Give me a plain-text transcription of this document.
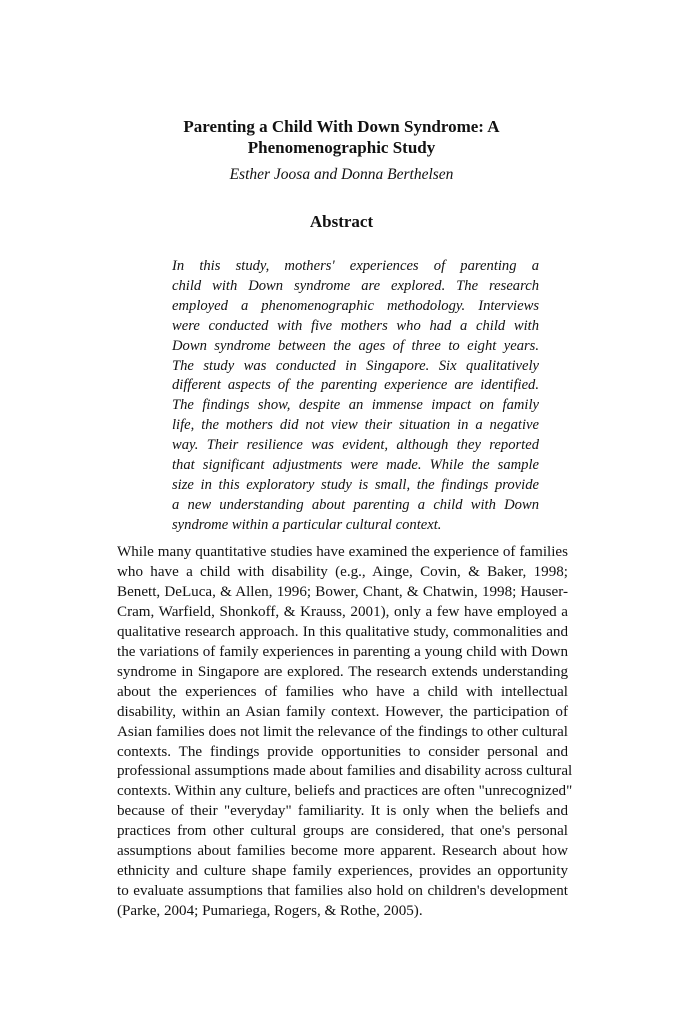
Parenting a Child With Down Syndrome: A
Phenomenographic Study

Esther Joosa and Donna Berthelsen

Abstract
In this study, mothers' experiences of parenting a
child with Down syndrome are explored. The research
employed a phenomenographic methodology. Interviews
were conducted with five mothers who had a child with
Down syndrome between the ages of three to eight years.
The study was conducted in Singapore. Six qualitatively
different aspects of the parenting experience are identified.
The findings show, despite an immense impact on family
life, the mothers did not view their situation in a negative
way. Their resilience was evident, although they reported
that significant adjustments were made. While the sample
size in this exploratory study is small, the findings provide
a new understanding about parenting a child with Down
syndrome within a particular cultural context.
While many quantitative studies have examined the experience of families
who have a child with disability (e.g., Ainge, Covin, & Baker, 1998;
Benett, DeLuca, & Allen, 1996; Bower, Chant, & Chatwin, 1998; Hauser-
Cram, Warfield, Shonkoff, & Krauss, 2001), only a few have employed a
qualitative research approach. In this qualitative study, commonalities and
the variations of family experiences in parenting a young child with Down
syndrome in Singapore are explored. The research extends understanding
about the experiences of families who have a child with intellectual
disability, within an Asian family context. However, the participation of
Asian families does not limit the relevance of the findings to other cultural
contexts. The findings provide opportunities to consider personal and
professional assumptions made about families and disability across cultural
contexts. Within any culture, beliefs and practices are often "unrecognized"
because of their "everyday" familiarity. It is only when the beliefs and
practices from other cultural groups are considered, that one's personal
assumptions about families become more apparent. Research about how
ethnicity and culture shape family experiences, provides an opportunity
to evaluate assumptions that families also hold on children's development
(Parke, 2004; Pumariega, Rogers, & Rothe, 2005).
